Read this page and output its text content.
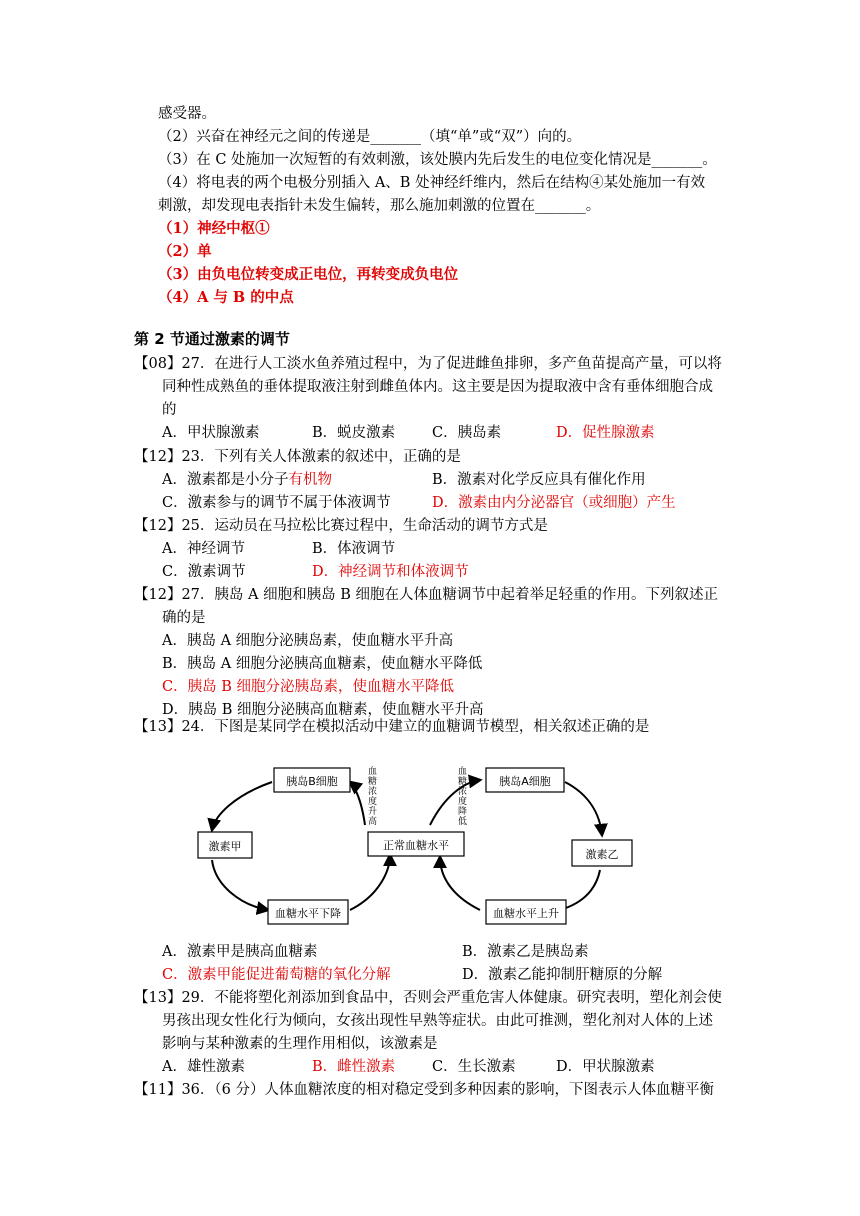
感受器。
（2）兴奋在神经元之间的传递是_______（填“单”或“双”）向的。
（3）在 C 处施加一次短暂的有效刺激，该处膜内先后发生的电位变化情况是_______。
（4）将电表的两个电极分别插入 A、B 处神经纤维内，然后在结构④某处施加一有效
刺激，却发现电表指针未发生偏转，那么施加刺激的位置在_______。
（1）神经中枢①
（2）单
（3）由负电位转变成正电位，再转变成负电位
（4）A 与 B 的中点
第 2 节通过激素的调节
【08】27．在进行人工淡水鱼养殖过程中，为了促进雌鱼排卵，多产鱼苗提高产量，可以将
同种性成熟鱼的垂体提取液注射到雌鱼体内。这主要是因为提取液中含有垂体细胞合成
的
A．甲状腺激素	B．蜕皮激素	C．胰岛素	D．促性腺激素
【12】23．下列有关人体激素的叙述中，正确的是
A．激素都是小分子有机物	B．激素对化学反应具有催化作用
C．激素参与的调节不属于体液调节	D．激素由内分泌器官（或细胞）产生
【12】25．运动员在马拉松比赛过程中，生命活动的调节方式是
A．神经调节	B．体液调节
C．激素调节	D．神经调节和体液调节
【12】27．胰岛 A 细胞和胰岛 B 细胞在人体血糖调节中起着举足轻重的作用。下列叙述正
确的是
A．胰岛 A 细胞分泌胰岛素，使血糖水平升高
B．胰岛 A 细胞分泌胰高血糖素，使血糖水平降低
C．胰岛 B 细胞分泌胰岛素，使血糖水平降低
D．胰岛 B 细胞分泌胰高血糖素，使血糖水平升高
【13】24．下图是某同学在模拟活动中建立的血糖调节模型，相关叙述正确的是
胰岛B细胞	胰岛A细胞
激素甲
激素乙
正常血糖水平
血糖水平下降	血糖水平上升
血糖浓度升高
血糖浓度降低
A．激素甲是胰高血糖素	B．激素乙是胰岛素
C．激素甲能促进葡萄糖的氧化分解	D．激素乙能抑制肝糖原的分解
【13】29．不能将塑化剂添加到食品中，否则会严重危害人体健康。研究表明，塑化剂会使
男孩出现女性化行为倾向，女孩出现性早熟等症状。由此可推测，塑化剂对人体的上述
影响与某种激素的生理作用相似，该激素是
A．雄性激素	B．雌性激素	C．生长激素	D．甲状腺激素
【11】36．（6 分）人体血糖浓度的相对稳定受到多种因素的影响，下图表示人体血糖平衡
